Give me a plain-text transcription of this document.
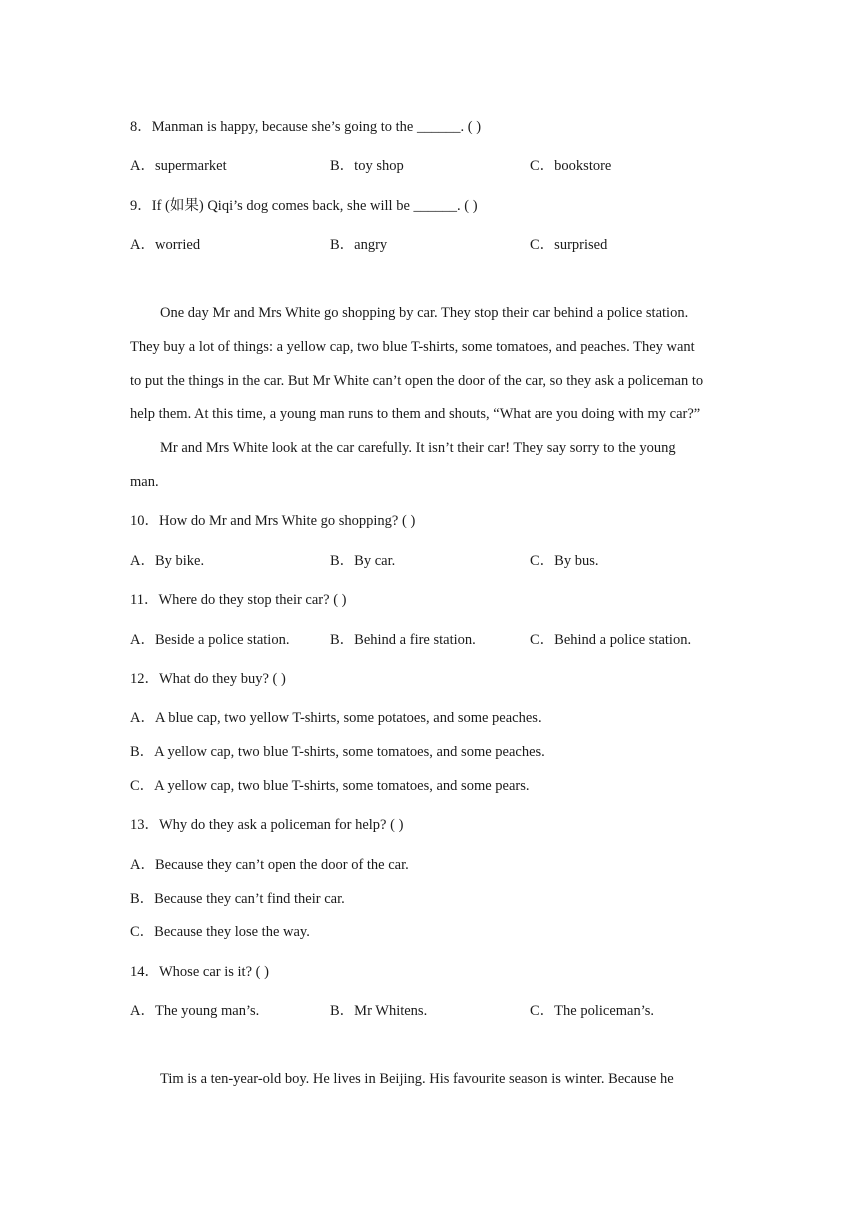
8．Manman is happy, because she’s going to the ______. ( )
A．supermarket	B．toy shop	C．bookstore
9．If (如果) Qiqi’s dog comes back, she will be ______. ( )
A．worried	B．angry	C．surprised
One day Mr and Mrs White go shopping by car. They stop their car behind a police station.
They buy a lot of things: a yellow cap, two blue T-shirts, some tomatoes, and peaches. They want
to put the things in the car. But Mr White can’t open the door of the car, so they ask a policeman to
help them. At this time, a young man runs to them and shouts, “What are you doing with my car?”
Mr and Mrs White look at the car carefully. It isn’t their car! They say sorry to the young
man.
10．How do Mr and Mrs White go shopping? ( )
A．By bike.	B．By car.	C．By bus.
11．Where do they stop their car? ( )
A．Beside a police station.	B．Behind a fire station.	C．Behind a police station.
12．What do they buy? ( )
A．A blue cap, two yellow T-shirts, some potatoes, and some peaches.
B．A yellow cap, two blue T-shirts, some tomatoes, and some peaches.
C．A yellow cap, two blue T-shirts, some tomatoes, and some pears.
13．Why do they ask a policeman for help? ( )
A．Because they can’t open the door of the car.
B．Because they can’t find their car.
C．Because they lose the way.
14．Whose car is it? ( )
A．The young man’s.	B．Mr Whitens.	C．The policeman’s.
Tim is a ten-year-old boy. He lives in Beijing. His favourite season is winter. Because he
